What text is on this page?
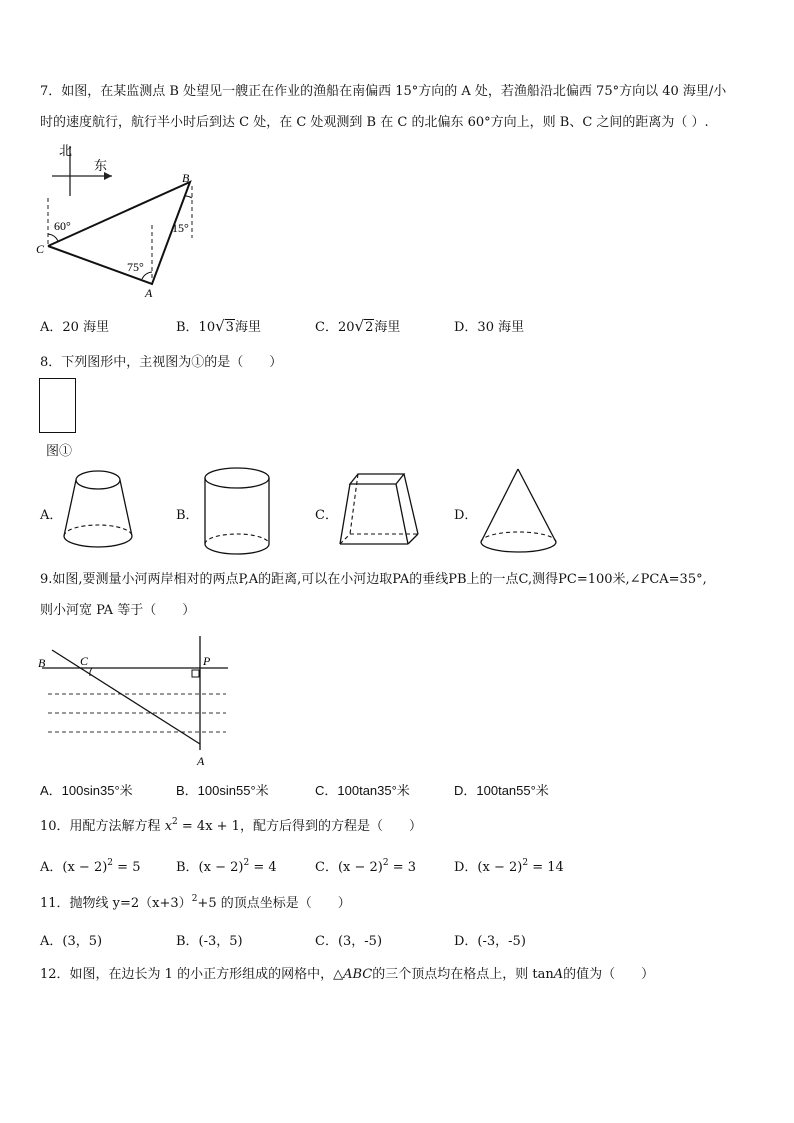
7．如图，在某监测点 B 处望见一艘正在作业的渔船在南偏西 15°方向的 A 处，若渔船沿北偏西 75°方向以 40 海里/小
时的速度航行，航行半小时后到达 C 处，在 C 处观测到 B 在 C 的北偏东 60°方向上，则 B、C 之间的距离为（ ）.
北
东
B
C
A
60°
75°
15°
A．20 海里	B．10√3海里	C．20√2海里	D．30 海里
8．下列图形中，主视图为①的是（　　）
图①
A．	B．	C．	D．
9.如图,要测量小河两岸相对的两点P,A的距离,可以在小河边取PA的垂线PB上的一点C,测得PC=100米,∠PCA=35°,
则小河宽 PA 等于（　　）
B	C	P
A
A．100sin35°米	B．100sin55°米	C．100tan35°米	D．100tan55°米
10．用配方法解方程 $x^2 = 4x + 1$，配方后得到的方程是（　　）
A．$(x - 2)^2 = 5$	B．$(x - 2)^2 = 4$	C．$(x - 2)^2 = 3$	D．$(x - 2)^2 = 14$
11．抛物线 $y=2(x+3)^2+5$ 的顶点坐标是（　　）
A．(3，5)	B．(-3，5)	C．(3，-5)	D．(-3，-5)
12．如图，在边长为 1 的小正方形组成的网格中，△ABC的三个顶点均在格点上，则 tanA的值为（　　）
